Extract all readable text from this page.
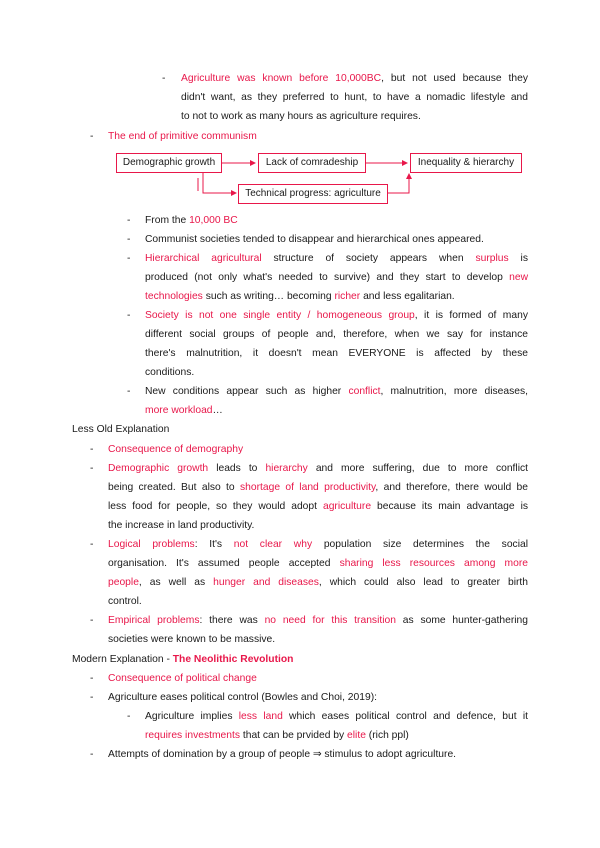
- Agriculture was known before 10,000BC, but not used because they
didn't want, as they preferred to hunt, to have a nomadic lifestyle and
to not to work as many hours as agriculture requires.
- The end of primitive communism
Demographic growth	Lack of comradeship	Inequality & hierarchy
Technical progress: agriculture
- From the 10,000 BC
- Communist societies tended to disappear and hierarchical ones appeared.
- Hierarchical agricultural structure of society appears when surplus is
produced (not only what's needed to survive) and they start to develop new
technologies such as writing… becoming richer and less egalitarian.
- Society is not one single entity / homogeneous group, it is formed of many
different social groups of people and, therefore, when we say for instance
there's malnutrition, it doesn't mean EVERYONE is affected by these
conditions.
- New conditions appear such as higher conflict, malnutrition, more diseases,
more workload…
Less Old Explanation
- Consequence of demography
- Demographic growth leads to hierarchy and more suffering, due to more conflict
being created. But also to shortage of land productivity, and therefore, there would be
less food for people, so they would adopt agriculture because its main advantage is
the increase in land productivity.
- Logical problems: It's not clear why population size determines the social
organisation. It's assumed people accepted sharing less resources among more
people, as well as hunger and diseases, which could also lead to greater birth
control.
- Empirical problems: there was no need for this transition as some hunter-gathering
societies were known to be massive.
Modern Explanation - The Neolithic Revolution
- Consequence of political change
- Agriculture eases political control (Bowles and Choi, 2019):
- Agriculture implies less land which eases political control and defence, but it
requires investments that can be prvided by elite (rich ppl)
- Attempts of domination by a group of people ⇒ stimulus to adopt agriculture.
